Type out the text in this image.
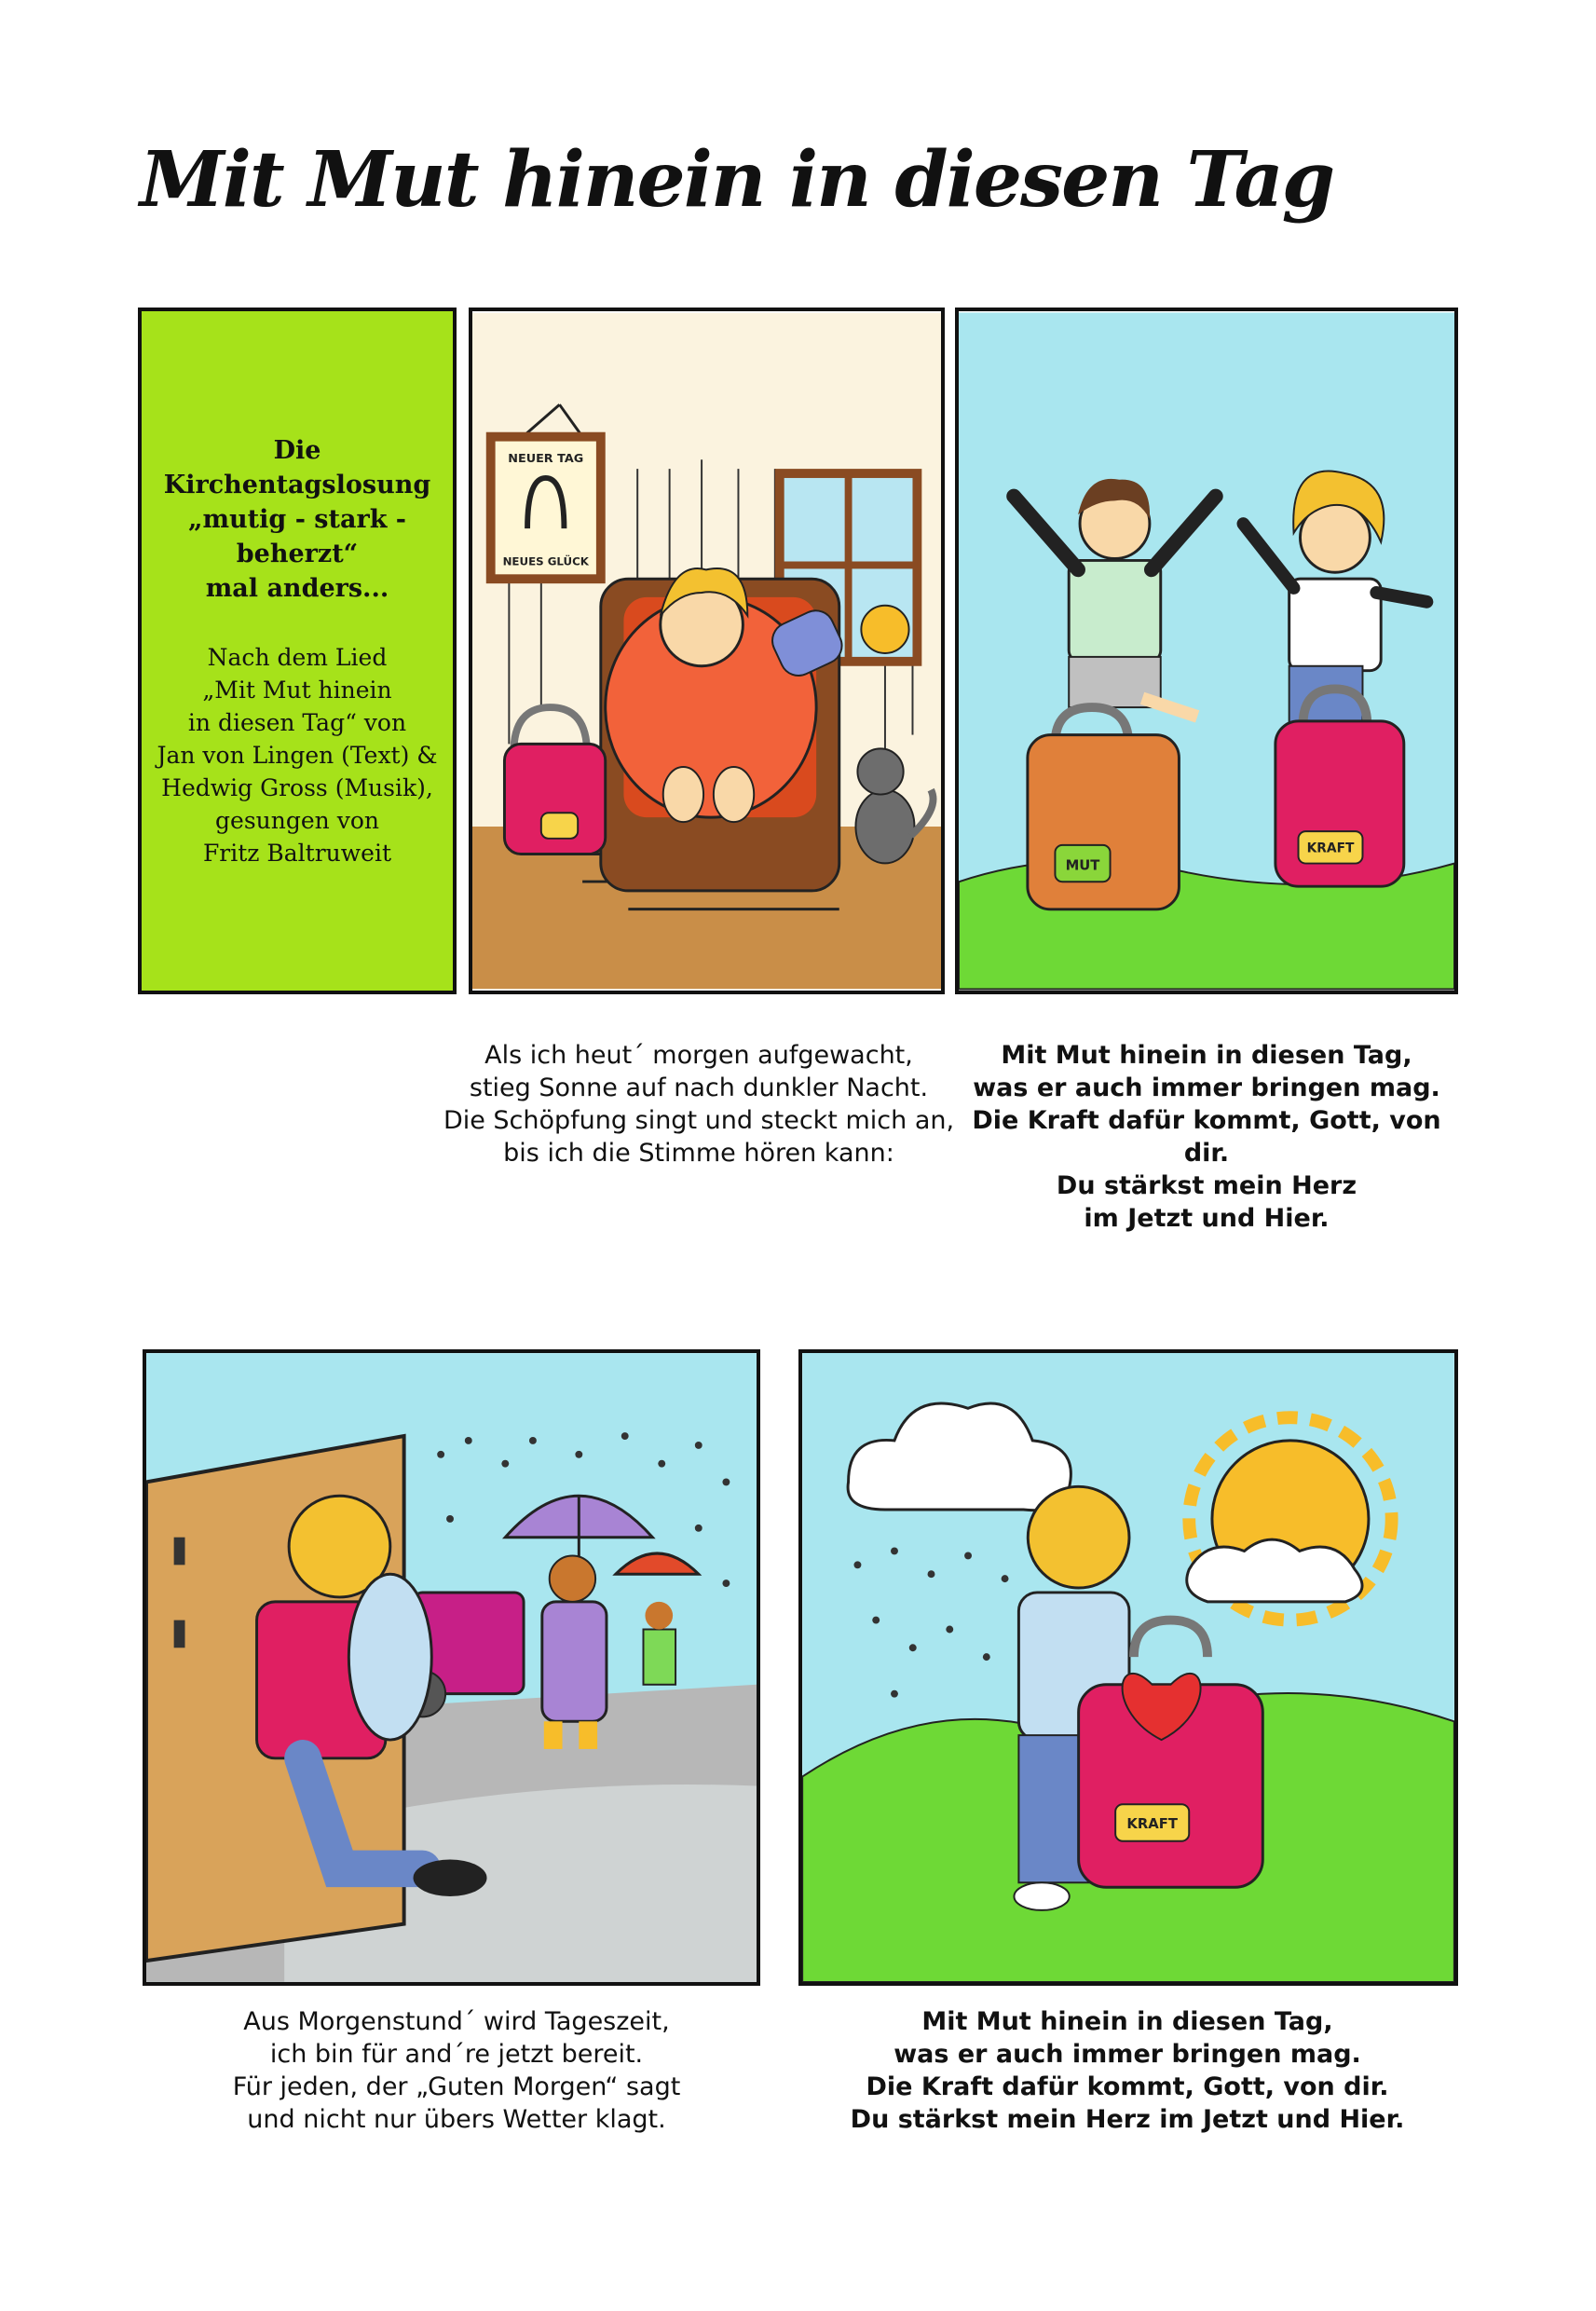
Mit Mut hinein in diesen Tag
Die
Kirchentagslosung
„mutig - stark -
beherzt“
mal anders...
Nach dem Lied
„Mit Mut hinein
in diesen Tag“ von
Jan von Lingen (Text) &
Hedwig Gross (Musik),
gesungen von
Fritz Baltruweit
NEUER TAG
NEUES GLÜCK
MUT
KRAFT
KRAFT
Als ich heut´ morgen aufgewacht,
stieg Sonne auf nach dunkler Nacht.
Die Schöpfung singt und steckt mich an,
bis ich die Stimme hören kann:
Mit Mut hinein in diesen Tag,
was er auch immer bringen mag.
Die Kraft dafür kommt, Gott, von dir.
Du stärkst mein Herz
im Jetzt und Hier.
Aus Morgenstund´ wird Tageszeit,
ich bin für and´re jetzt bereit.
Für jeden, der „Guten Morgen“ sagt
und nicht nur übers Wetter klagt.
Mit Mut hinein in diesen Tag,
was er auch immer bringen mag.
Die Kraft dafür kommt, Gott, von dir.
Du stärkst mein Herz im Jetzt und Hier.
